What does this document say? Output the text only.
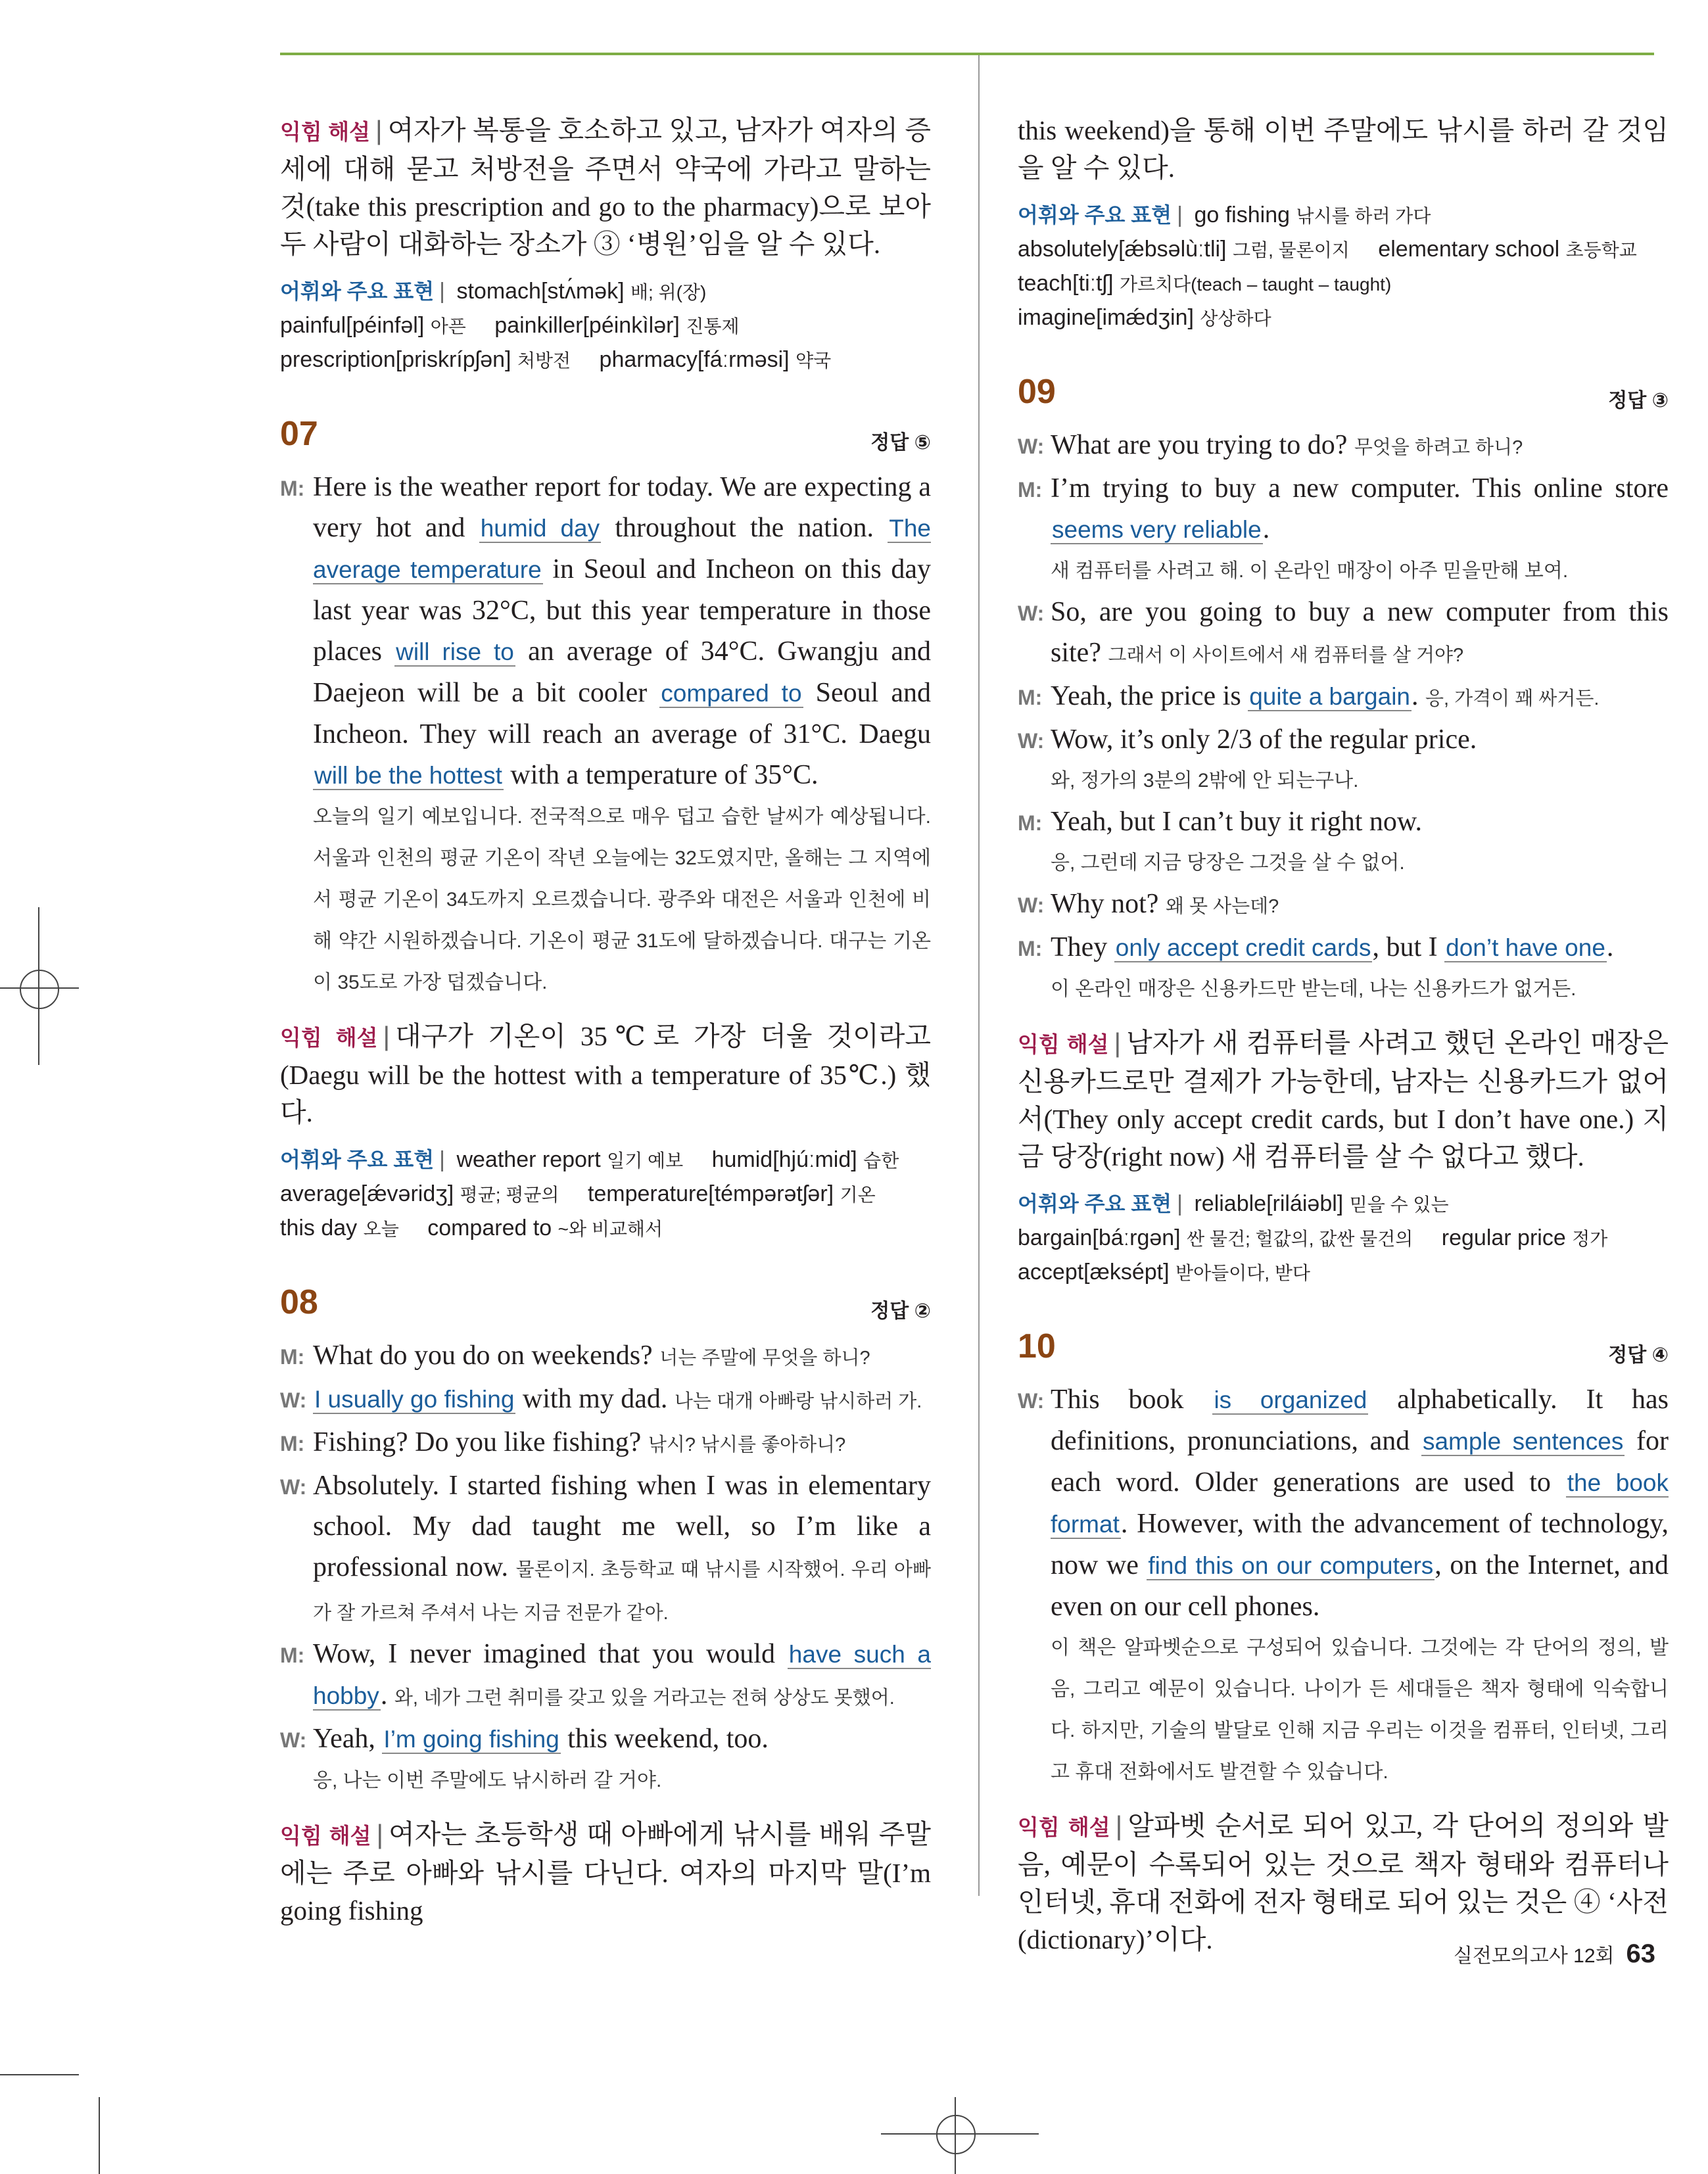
익힘 해설 | 여자가 복통을 호소하고 있고, 남자가 여자의 증세에 대해 묻고 처방전을 주면서 약국에 가라고 말하는 것(take this prescription and go to the pharmacy)으로 보아 두 사람이 대화하는 장소가 ③ ‘병원’임을 알 수 있다.

어휘와 주요 표현 | stomach[stʌ́mək] 배; 위(장)
painful[péinfəl] 아픈 painkiller[péinkìlər] 진통제
prescription[priskrípʃən] 처방전 pharmacy[fáːrməsi] 약국
07	정답 ⑤
M: Here is the weather report for today. We are expecting a very hot and humid day throughout the nation. The average temperature in Seoul and Incheon on this day last year was 32°C, but this year temperature in those places will rise to an average of 34°C. Gwangju and Daejeon will be a bit cooler compared to Seoul and Incheon. They will reach an average of 31°C. Daegu will be the hottest with a temperature of 35°C.
오늘의 일기 예보입니다. 전국적으로 매우 덥고 습한 날씨가 예상됩니다. 서울과 인천의 평균 기온이 작년 오늘에는 32도였지만, 올해는 그 지역에서 평균 기온이 34도까지 오르겠습니다. 광주와 대전은 서울과 인천에 비해 약간 시원하겠습니다. 기온이 평균 31도에 달하겠습니다. 대구는 기온이 35도로 가장 덥겠습니다.

익힘 해설 | 대구가 기온이 35℃로 가장 더울 것이라고(Daegu will be the hottest with a temperature of 35℃.) 했다.

어휘와 주요 표현 | weather report 일기 예보 humid[hjúːmid] 습한
average[ǽvəridʒ] 평균; 평균의 temperature[témpərətʃər] 기온
this day 오늘 compared to ~와 비교해서
08	정답 ②
M: What do you do on weekends? 너는 주말에 무엇을 하니?
W: I usually go fishing with my dad. 나는 대개 아빠랑 낚시하러 가.
M: Fishing? Do you like fishing? 낚시? 낚시를 좋아하니?
W: Absolutely. I started fishing when I was in elementary school. My dad taught me well, so I’m like a professional now. 물론이지. 초등학교 때 낚시를 시작했어. 우리 아빠가 잘 가르쳐 주셔서 나는 지금 전문가 같아.
M: Wow, I never imagined that you would have such a hobby. 와, 네가 그런 취미를 갖고 있을 거라고는 전혀 상상도 못했어.
W: Yeah, I’m going fishing this weekend, too.
응, 나는 이번 주말에도 낚시하러 갈 거야.

익힘 해설 | 여자는 초등학생 때 아빠에게 낚시를 배워 주말에는 주로 아빠와 낚시를 다닌다. 여자의 마지막 말(I’m going fishing

this weekend)을 통해 이번 주말에도 낚시를 하러 갈 것임을 알 수 있다.

어휘와 주요 표현 | go fishing 낚시를 하러 가다
absolutely[ǽbsəlùːtli] 그럼, 물론이지 elementary school 초등학교
teach[tiːtʃ] 가르치다(teach – taught – taught)
imagine[imǽdʒin] 상상하다
09	정답 ③
W: What are you trying to do? 무엇을 하려고 하니?
M: I’m trying to buy a new computer. This online store seems very reliable.
새 컴퓨터를 사려고 해. 이 온라인 매장이 아주 믿을만해 보여.
W: So, are you going to buy a new computer from this site? 그래서 이 사이트에서 새 컴퓨터를 살 거야?
M: Yeah, the price is quite a bargain. 응, 가격이 꽤 싸거든.
W: Wow, it’s only 2/3 of the regular price.
와, 정가의 3분의 2밖에 안 되는구나.
M: Yeah, but I can’t buy it right now.
응, 그런데 지금 당장은 그것을 살 수 없어.
W: Why not? 왜 못 사는데?
M: They only accept credit cards, but I don’t have one.
이 온라인 매장은 신용카드만 받는데, 나는 신용카드가 없거든.

익힘 해설 | 남자가 새 컴퓨터를 사려고 했던 온라인 매장은 신용카드로만 결제가 가능한데, 남자는 신용카드가 없어서(They only accept credit cards, but I don’t have one.) 지금 당장(right now) 새 컴퓨터를 살 수 없다고 했다.

어휘와 주요 표현 | reliable[riláiəbl] 믿을 수 있는
bargain[báːrgən] 싼 물건; 헐값의, 값싼 물건의 regular price 정가
accept[æksépt] 받아들이다, 받다
10	정답 ④
W: This book is organized alphabetically. It has definitions, pronunciations, and sample sentences for each word. Older generations are used to the book format. However, with the advancement of technology, now we find this on our computers, on the Internet, and even on our cell phones.
이 책은 알파벳순으로 구성되어 있습니다. 그것에는 각 단어의 정의, 발음, 그리고 예문이 있습니다. 나이가 든 세대들은 책자 형태에 익숙합니다. 하지만, 기술의 발달로 인해 지금 우리는 이것을 컴퓨터, 인터넷, 그리고 휴대 전화에서도 발견할 수 있습니다.

익힘 해설 | 알파벳 순서로 되어 있고, 각 단어의 정의와 발음, 예문이 수록되어 있는 것으로 책자 형태와 컴퓨터나 인터넷, 휴대 전화에 전자 형태로 되어 있는 것은 ④ ‘사전(dictionary)’이다.

실전모의고사 12회 63
